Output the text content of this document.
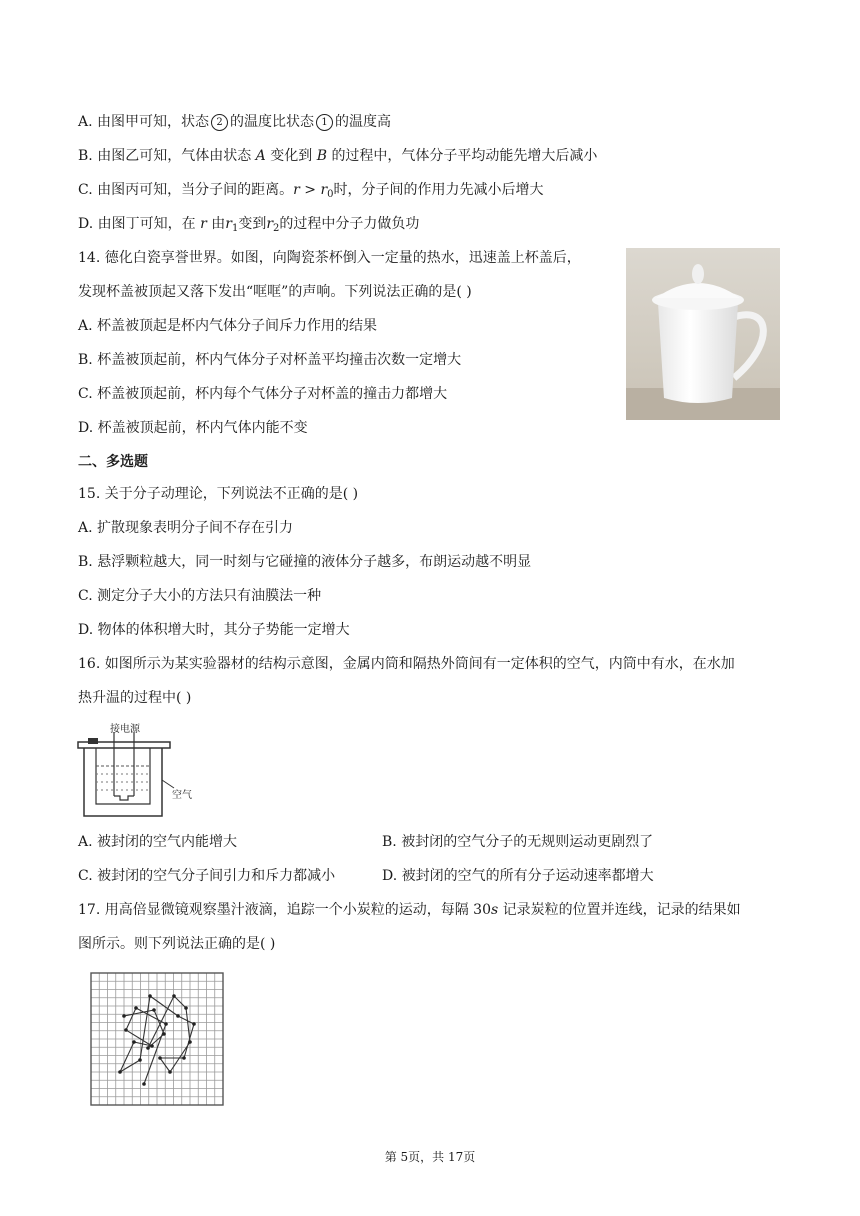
A. 由图甲可知，状态 2 的温度比状态 1 的温度高
B. 由图乙可知，气体由状态 A 变化到 B 的过程中，气体分子平均动能先增大后减小
C. 由图丙可知，当分子间的距离。$r > r_0$时，分子间的作用力先减小后增大
D. 由图丁可知，在 r 由$r_1$变到$r_2$的过程中分子力做负功
14. 德化白瓷享誉世界。如图，向陶瓷茶杯倒入一定量的热水，迅速盖上杯盖后，
发现杯盖被顶起又落下发出“哐哐”的声响。下列说法正确的是( )
A. 杯盖被顶起是杯内气体分子间斥力作用的结果
B. 杯盖被顶起前，杯内气体分子对杯盖平均撞击次数一定增大
C. 杯盖被顶起前，杯内每个气体分子对杯盖的撞击力都增大
D. 杯盖被顶起前，杯内气体内能不变
二、多选题
15. 关于分子动理论，下列说法不正确的是( )
A. 扩散现象表明分子间不存在引力
B. 悬浮颗粒越大，同一时刻与它碰撞的液体分子越多，布朗运动越不明显
C. 测定分子大小的方法只有油膜法一种
D. 物体的体积增大时，其分子势能一定增大
16. 如图所示为某实验器材的结构示意图，金属内筒和隔热外筒间有一定体积的空气，内筒中有水，在水加
热升温的过程中( )
接电源
空气
A. 被封闭的空气内能增大	B. 被封闭的空气分子的无规则运动更剧烈了
C. 被封闭的空气分子间引力和斥力都减小	D. 被封闭的空气的所有分子运动速率都增大
17. 用高倍显微镜观察墨汁液滴，追踪一个小炭粒的运动，每隔 30s 记录炭粒的位置并连线，记录的结果如
图所示。则下列说法正确的是( )
第 5页，共 17页
